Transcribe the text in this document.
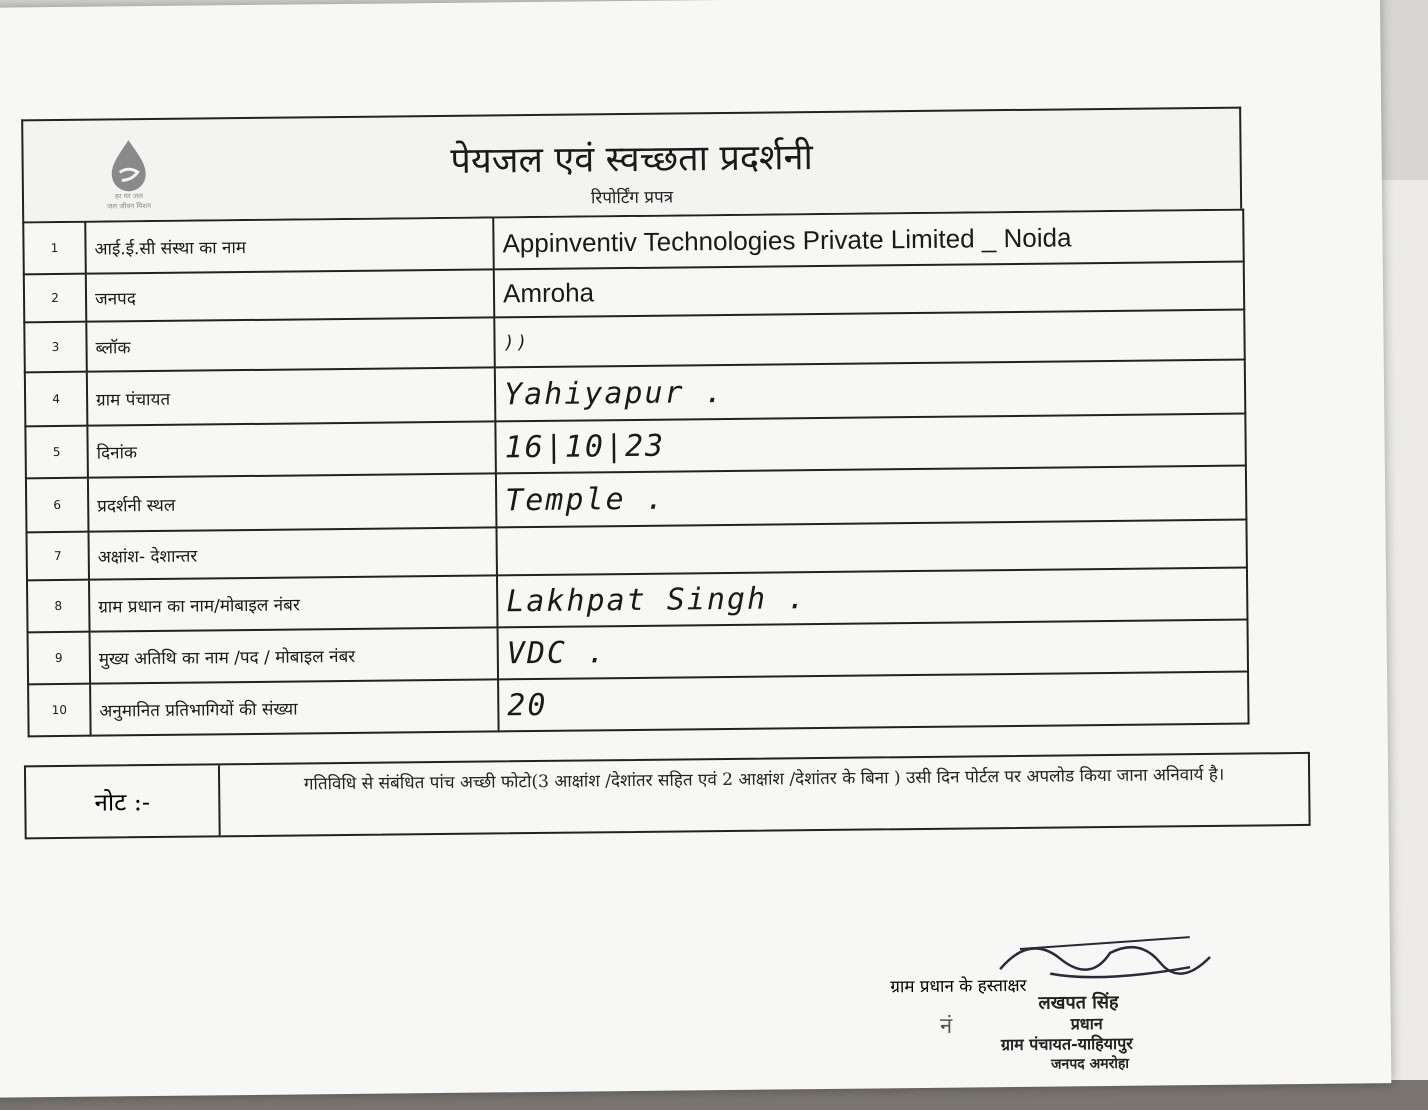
हर घर जल
जल जीवन मिशन
पेयजल एवं स्वच्छता प्रदर्शनी
रिपोर्टिंग प्रपत्र
1	आई.ई.सी संस्था का नाम	Appinventiv Technologies Private Limited _ Noida
2	जनपद	Amroha
3	ब्लॉक	))
4	ग्राम पंचायत	Yahiyapur .
5	दिनांक	16|10|23
6	प्रदर्शनी स्थल	Temple .
7	अक्षांश- देशान्तर	
8	ग्राम प्रधान का नाम/मोबाइल नंबर	Lakhpat Singh .
9	मुख्य अतिथि का नाम /पद / मोबाइल नंबर	VDC .
10	अनुमानित प्रतिभागियों की संख्या	20
नोट :-
गतिविधि से संबंधित पांच अच्छी फोटो(3 आक्षांश /देशांतर सहित एवं 2 आक्षांश /देशांतर के बिना ) उसी दिन पोर्टल पर अपलोड किया जाना अनिवार्य है।
ग्राम प्रधान के हस्ताक्षर
लखपत सिंह
प्रधान
ग्राम पंचायत-याहियापुर
जनपद अमरोहा
नं
